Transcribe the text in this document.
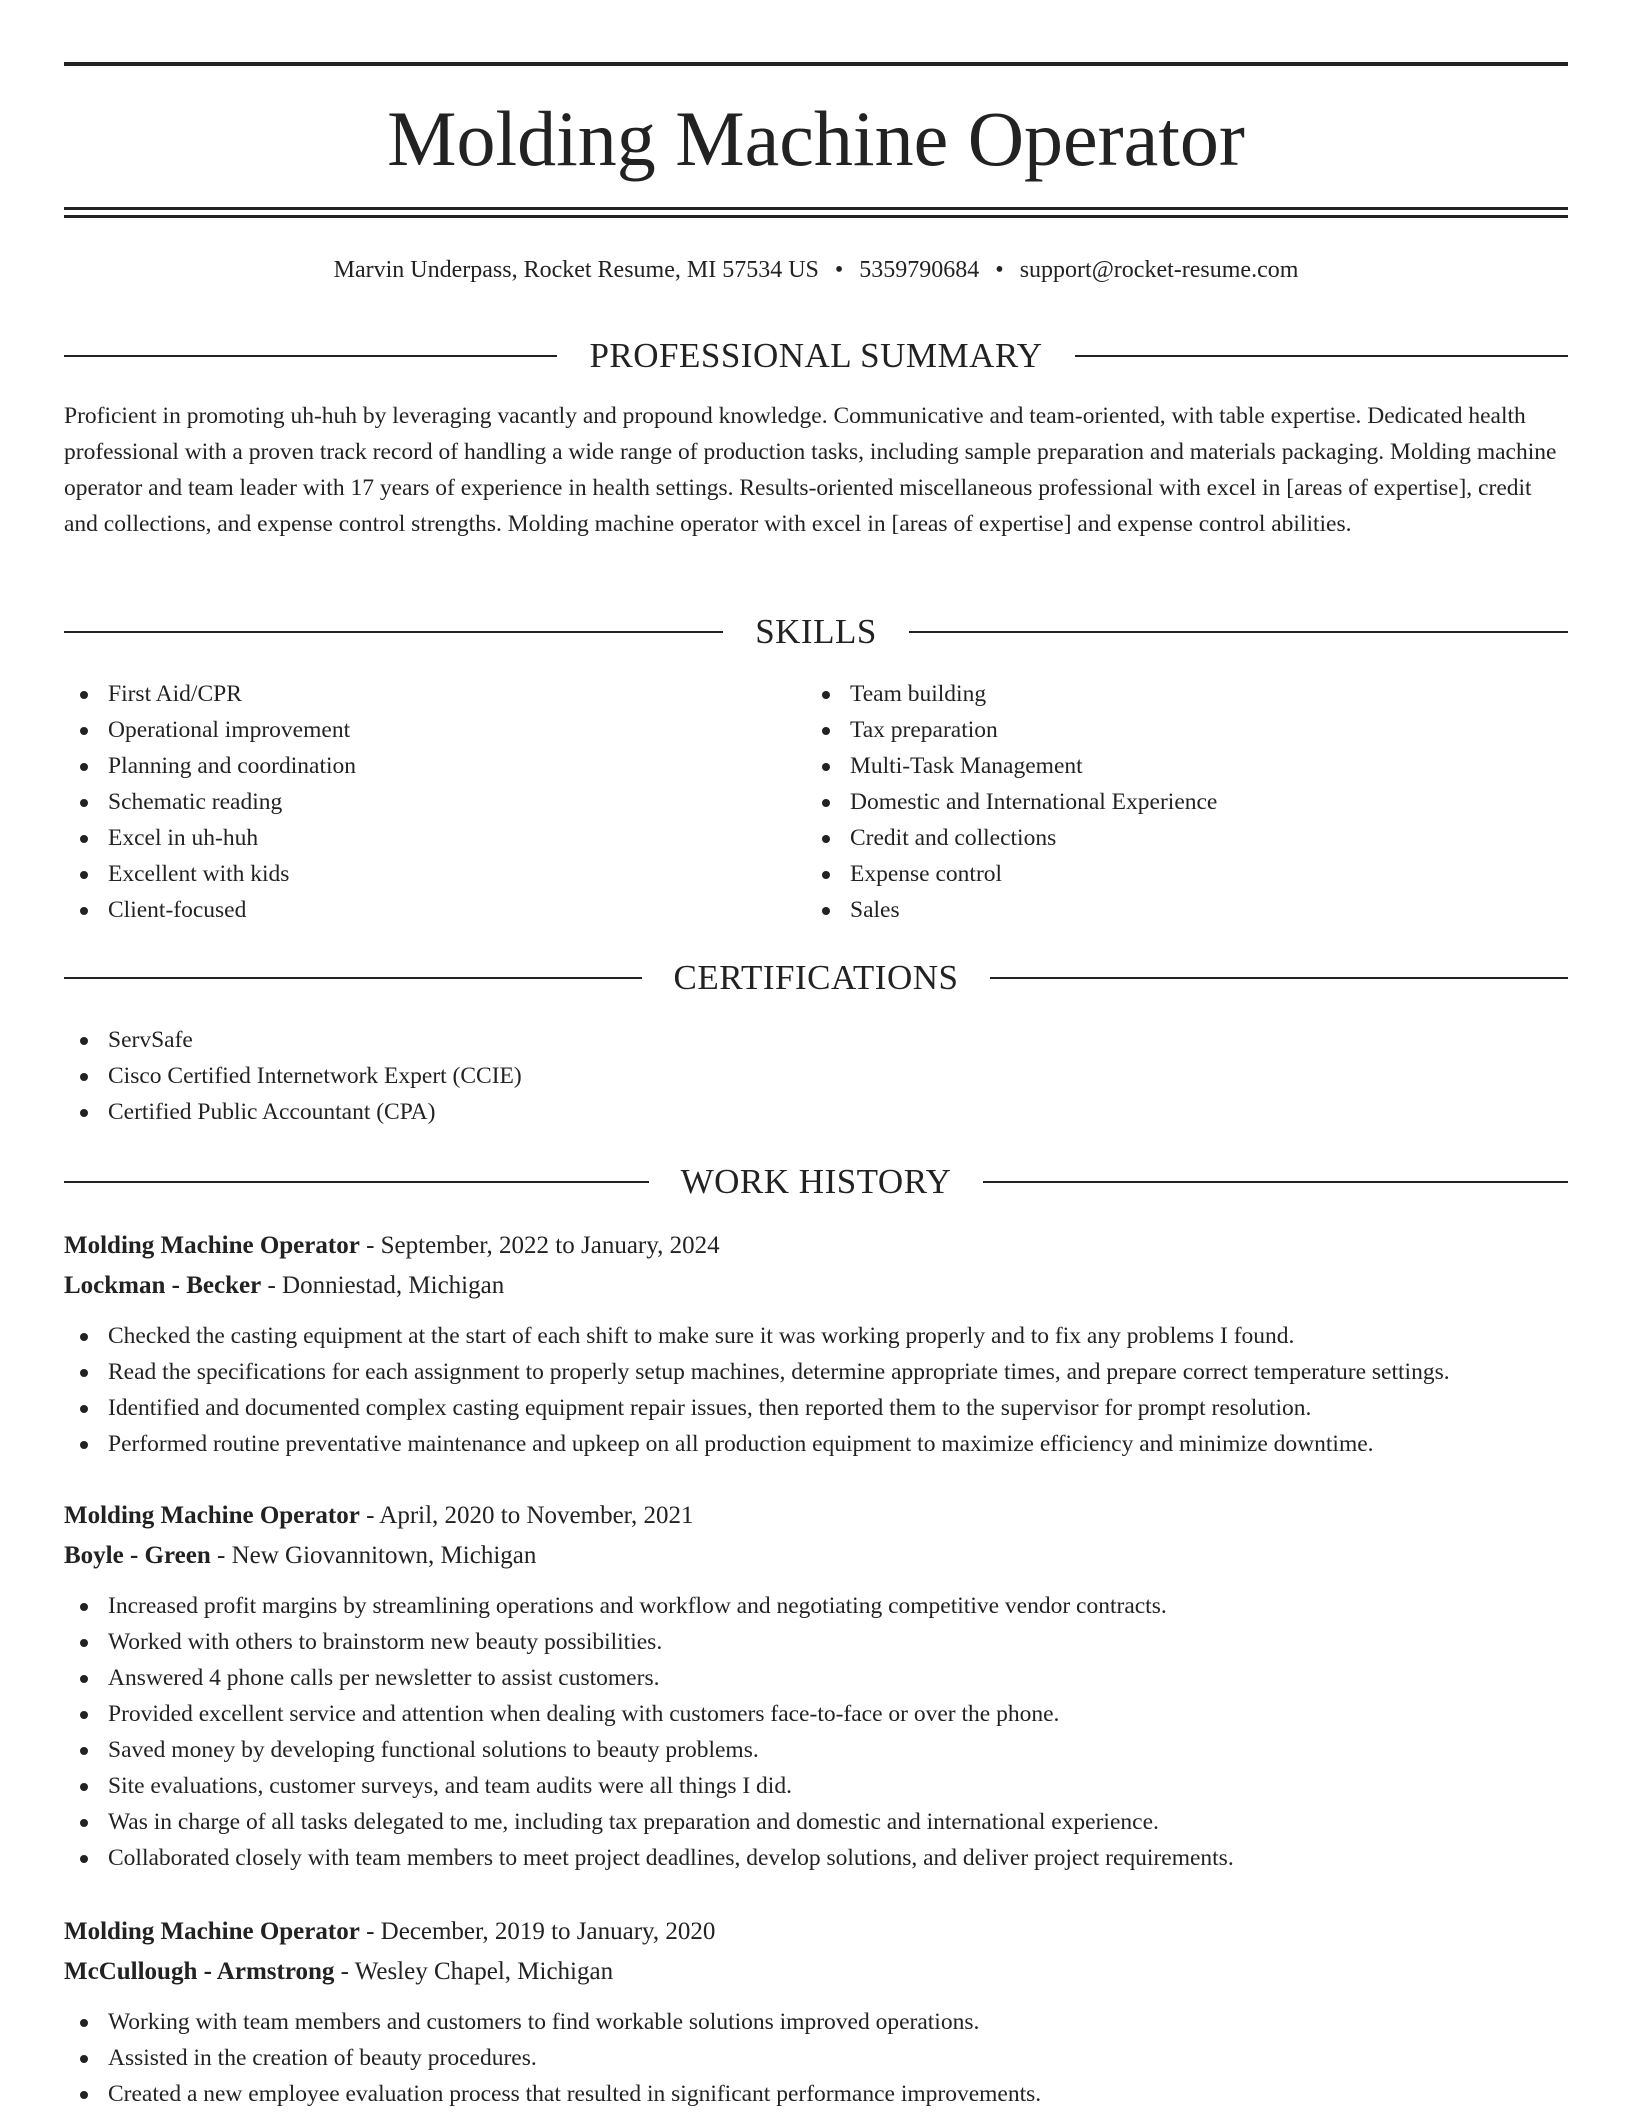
Molding Machine Operator
Marvin Underpass, Rocket Resume, MI 57534 US • 5359790684 • support@rocket-resume.com
PROFESSIONAL SUMMARY

Proficient in promoting uh-huh by leveraging vacantly and propound knowledge. Communicative and team-oriented, with table expertise. Dedicated health professional with a proven track record of handling a wide range of production tasks, including sample preparation and materials packaging. Molding machine operator and team leader with 17 years of experience in health settings. Results-oriented miscellaneous professional with excel in [areas of expertise], credit and collections, and expense control strengths. Molding machine operator with excel in [areas of expertise] and expense control abilities.

SKILLS
First Aid/CPR
Operational improvement
Planning and coordination
Schematic reading
Excel in uh-huh
Excellent with kids
Client-focused
Team building
Tax preparation
Multi-Task Management
Domestic and International Experience
Credit and collections
Expense control
Sales
CERTIFICATIONS
ServSafe
Cisco Certified Internetwork Expert (CCIE)
Certified Public Accountant (CPA)
WORK HISTORY
Molding Machine Operator - September, 2022 to January, 2024
Lockman - Becker - Donniestad, Michigan
Checked the casting equipment at the start of each shift to make sure it was working properly and to fix any problems I found.
Read the specifications for each assignment to properly setup machines, determine appropriate times, and prepare correct temperature settings.
Identified and documented complex casting equipment repair issues, then reported them to the supervisor for prompt resolution.
Performed routine preventative maintenance and upkeep on all production equipment to maximize efficiency and minimize downtime.
Molding Machine Operator - April, 2020 to November, 2021
Boyle - Green - New Giovannitown, Michigan
Increased profit margins by streamlining operations and workflow and negotiating competitive vendor contracts.
Worked with others to brainstorm new beauty possibilities.
Answered 4 phone calls per newsletter to assist customers.
Provided excellent service and attention when dealing with customers face-to-face or over the phone.
Saved money by developing functional solutions to beauty problems.
Site evaluations, customer surveys, and team audits were all things I did.
Was in charge of all tasks delegated to me, including tax preparation and domestic and international experience.
Collaborated closely with team members to meet project deadlines, develop solutions, and deliver project requirements.
Molding Machine Operator - December, 2019 to January, 2020
McCullough - Armstrong - Wesley Chapel, Michigan
Working with team members and customers to find workable solutions improved operations.
Assisted in the creation of beauty procedures.
Created a new employee evaluation process that resulted in significant performance improvements.
